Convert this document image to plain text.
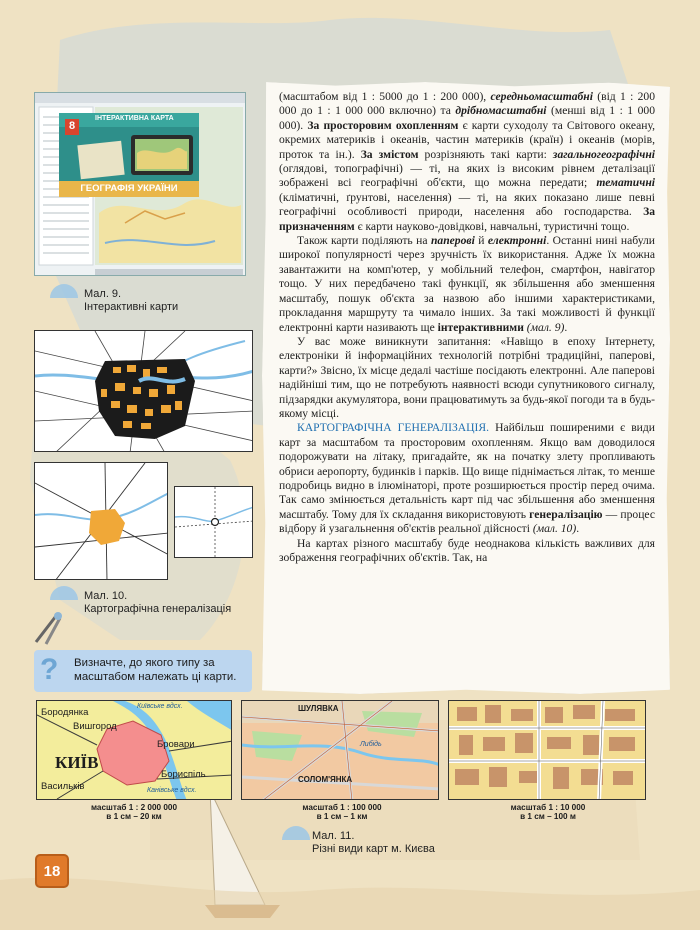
8
ІНТЕРАКТИВНА КАРТА
ГЕОГРАФІЯ УКРАЇНИ
Мал. 9.
Інтерактивні карти
Мал. 10.
Картографічна генералізація
? Визначте, до якого типу за масштабом належать ці карти.

(масштабом від 1 : 5000 до 1 : 200 000), середньомасштабні (від 1 : 200 000 до 1 : 1 000 000 включно) та дрібномасштабні (менші від 1 : 1 000 000). За просторовим охопленням є карти суходолу та Світового океану, окремих материків і океанів, частин материків (країн) і океанів (морів, проток та ін.). За змістом розрізняють такі карти: загальногеографічні (оглядові, топографічні) — ті, на яких із високим рівнем деталізації зображені всі географічні об'єкти, що можна передати; тематичні (кліматичні, ґрунтові, населення) — ті, на яких показано лише певні географічні особливості природи, населення або господарства. За призначенням є карти науково-довідкові, навчальні, туристичні тощо.

Також карти поділяють на паперові й електронні. Останні нині набули широкої популярності через зручність їх використання. Адже їх можна завантажити на комп'ютер, у мобільний телефон, смартфон, навігатор тощо. У них передбачено такі функції, як збільшення або зменшення масштабу, пошук об'єкта за назвою або іншими характеристиками, прокладання маршруту та чимало інших. За такі можливості й функції електронні карти називають ще інтерактивними (мал. 9).

У вас може виникнути запитання: «Навіщо в епоху Інтернету, електроніки й інформаційних технологій потрібні традиційні, паперові, карти?» Звісно, їх місце дедалі частіше посідають електронні. Але паперові надійніші тим, що не потребують наявності всюди супутникового сигналу, підзарядки акумулятора, вони працюватимуть за будь-якої погоди та в будь-якому місці.

КАРТОГРАФІЧНА ГЕНЕРАЛІЗАЦІЯ. Найбільш поширеними є види карт за масштабом та просторовим охопленням. Якщо вам доводилося подорожувати на літаку, пригадайте, як на початку злету пропливають обриси аеропорту, будинків і парків. Що вище піднімається літак, то менше подробиць видно в ілюмінаторі, проте розширюється простір перед очима. Так само змінюється детальність карт під час збільшення або зменшення масштабу. Тому для їх складання використовують генералізацію — процес відбору й узагальнення об'єктів реальної дійсності (мал. 10).

На картах різного масштабу буде неоднакова кількість важливих для зображення географічних об'єктів. Так, на

Київське вдсх.
Бородянка
Вишгород
Бровари
КИЇВ
Бориспіль
Васильків	Канівське вдсх.
масштаб 1 : 2 000 000
в 1 см – 20 км
ШУЛЯВКА
Либідь
СОЛОМ'ЯНКА
масштаб 1 : 100 000
в 1 см – 1 км
масштаб 1 : 10 000
в 1 см – 100 м
Мал. 11.
Різні види карт м. Києва
18
